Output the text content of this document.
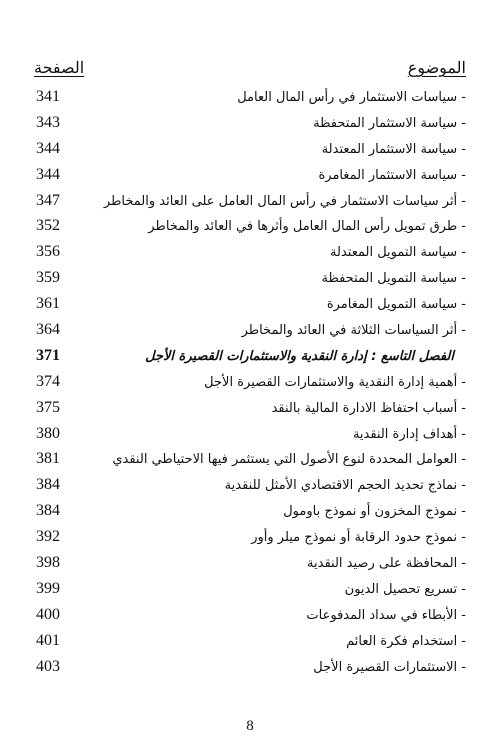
الصفحة	الموضوع
341	- سياسات الاستثمار في رأس المال العامل
343	- سياسة الاستثمار المتحفظة
344	- سياسة الاستثمار المعتدلة
344	- سياسة الاستثمار المغامرة
347	- أثر سياسات الاستثمار في رأس المال العامل على العائد والمخاطر
352	- طرق تمويل رأس المال العامل وأثرها في العائد والمخاطر
356	- سياسة التمويل المعتدلة
359	- سياسة التمويل المتحفظة
361	- سياسة التمويل المغامرة
364	- أثر السياسات الثلاثة في العائد والمخاطر
371	الفصل التاسع : إدارة النقدية والاستثمارات القصيرة الأجل
374	- أهمية إدارة النقدية والاستثمارات القصيرة الأجل
375	- أسباب احتفاظ الادارة المالية بالنقد
380	- أهداف إدارة النقدية
381	- العوامل المحددة لنوع الأصول التي يستثمر فيها الاحتياطي النقدي
384	- نماذج تحديد الحجم الاقتصادي الأمثل للنقدية
384	- نموذج المخزون أو نموذج باومول
392	- نموذج حدود الرقابة أو نموذج ميلر وأور
398	- المحافظة على رصيد النقدية
399	- تسريع تحصيل الديون
400	- الأبطاء في سداد المدفوعات
401	- استخدام فكرة العائم
403	- الاستثمارات القصيرة الأجل
8
